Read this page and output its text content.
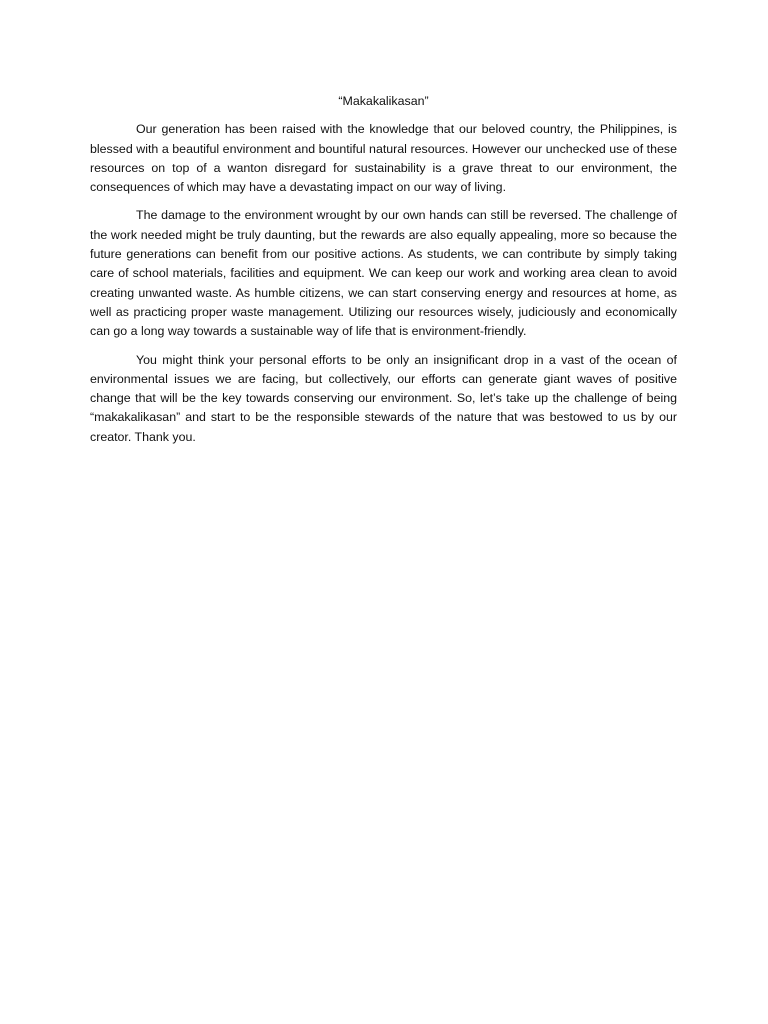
“Makakalikasan”

Our generation has been raised with the knowledge that our beloved country, the Philippines, is blessed with a beautiful environment and bountiful natural resources. However our unchecked use of these resources on top of a wanton disregard for sustainability is a grave threat to our environment, the consequences of which may have a devastating impact on our way of living.

The damage to the environment wrought by our own hands can still be reversed. The challenge of the work needed might be truly daunting, but the rewards are also equally appealing, more so because the future generations can benefit from our positive actions. As students, we can contribute by simply taking care of school materials, facilities and equipment. We can keep our work and working area clean to avoid creating unwanted waste. As humble citizens, we can start conserving energy and resources at home, as well as practicing proper waste management. Utilizing our resources wisely, judiciously and economically can go a long way towards a sustainable way of life that is environment-friendly.

You might think your personal efforts to be only an insignificant drop in a vast of the ocean of environmental issues we are facing, but collectively, our efforts can generate giant waves of positive change that will be the key towards conserving our environment. So, let’s take up the challenge of being “makakalikasan” and start to be the responsible stewards of the nature that was bestowed to us by our creator. Thank you.
